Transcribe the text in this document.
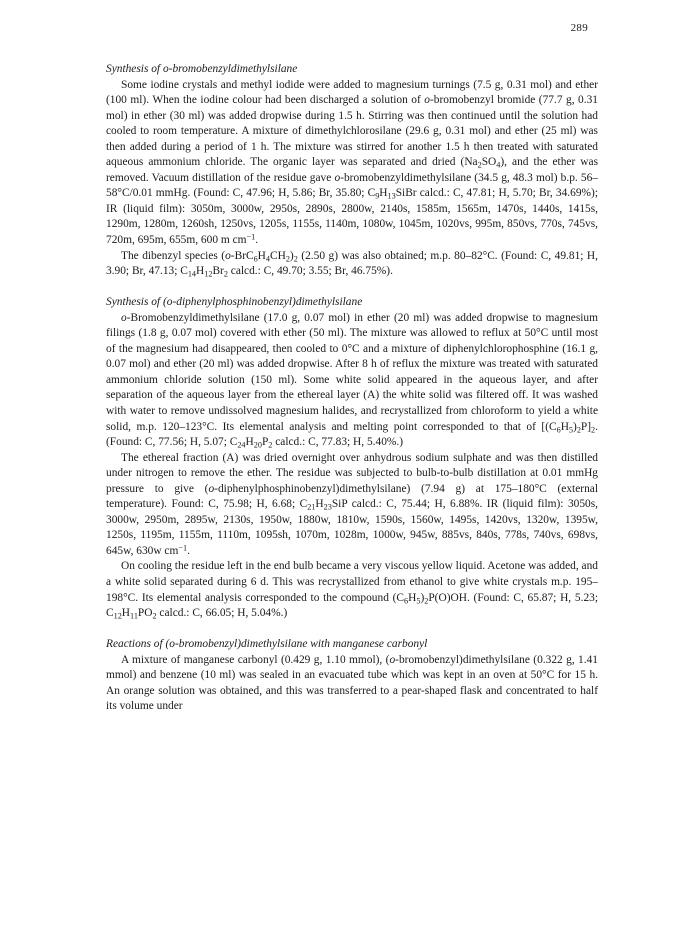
289

Synthesis of o-bromobenzyldimethylsilane

Some iodine crystals and methyl iodide were added to magnesium turnings (7.5 g, 0.31 mol) and ether (100 ml). When the iodine colour had been discharged a solution of o-bromobenzyl bromide (77.7 g, 0.31 mol) in ether (30 ml) was added dropwise during 1.5 h. Stirring was then continued until the solution had cooled to room temperature. A mixture of dimethylchlorosilane (29.6 g, 0.31 mol) and ether (25 ml) was then added during a period of 1 h. The mixture was stirred for another 1.5 h then treated with saturated aqueous ammonium chloride. The organic layer was separated and dried $(Na_2SO_4)$, and the ether was removed. Vacuum distillation of the residue gave o-bromobenzyldimethylsilane (34.5 g, 48.3 mol) b.p. 56–58°C/0.01 mmHg. (Found: C, 47.96; H, 5.86; Br, 35.80; $C_9H_{13}SiBr$ calcd.: C, 47.81; H, 5.70; Br, 34.69%); IR (liquid film): 3050m, 3000w, 2950s, 2890s, 2800w, 2140s, 1585m, 1565m, 1470s, 1440s, 1415s, 1290m, 1280m, 1260sh, 1250vs, 1205s, 1155s, 1140m, 1080w, 1045m, 1020vs, 995m, 850vs, 770s, 745vs, 720m, 695m, 655m, 600 m $cm^{-1}$.

The dibenzyl species $(o-BrC_6H_4CH_2)_2$ (2.50 g) was also obtained; m.p. 80–82°C. (Found: C, 49.81; H, 3.90; Br, 47.13; $C_{14}H_{12}Br_2$ calcd.: C, 49.70; 3.55; Br, 46.75%).

Synthesis of (o-diphenylphosphinobenzyl)dimethylsilane

o-Bromobenzyldimethylsilane (17.0 g, 0.07 mol) in ether (20 ml) was added dropwise to magnesium filings (1.8 g, 0.07 mol) covered with ether (50 ml). The mixture was allowed to reflux at 50°C until most of the magnesium had disappeared, then cooled to 0°C and a mixture of diphenylchlorophosphine (16.1 g, 0.07 mol) and ether (20 ml) was added dropwise. After 8 h of reflux the mixture was treated with saturated ammonium chloride solution (150 ml). Some white solid appeared in the aqueous layer, and after separation of the aqueous layer from the ethereal layer (A) the white solid was filtered off. It was washed with water to remove undissolved magnesium halides, and recrystallized from chloroform to yield a white solid, m.p. 120–123°C. Its elemental analysis and melting point corresponded to that of $[(C_6H_5)_2P]_2$. (Found: C, 77.56; H, 5.07; $C_{24}H_{20}P_2$ calcd.: C, 77.83; H, 5.40%.)

The ethereal fraction (A) was dried overnight over anhydrous sodium sulphate and was then distilled under nitrogen to remove the ether. The residue was subjected to bulb-to-bulb distillation at 0.01 mmHg pressure to give (o-diphenylphosphinobenzyl)dimethylsilane) (7.94 g) at 175–180°C (external temperature). Found: C, 75.98; H, 6.68; $C_{21}H_{23}SiP$ calcd.: C, 75.44; H, 6.88%. IR (liquid film): 3050s, 3000w, 2950m, 2895w, 2130s, 1950w, 1880w, 1810w, 1590s, 1560w, 1495s, 1420vs, 1320w, 1395w, 1250s, 1195m, 1155m, 1110m, 1095sh, 1070m, 1028m, 1000w, 945w, 885vs, 840s, 778s, 740vs, 698vs, 645w, 630w $cm^{-1}$.

On cooling the residue left in the end bulb became a very viscous yellow liquid. Acetone was added, and a white solid separated during 6 d. This was recrystallized from ethanol to give white crystals m.p. 195–198°C. Its elemental analysis corresponded to the compound $(C_6H_5)_2P(O)OH$. (Found: C, 65.87; H, 5.23; $C_{12}H_{11}PO_2$ calcd.: C, 66.05; H, 5.04%.)

Reactions of (o-bromobenzyl)dimethylsilane with manganese carbonyl

A mixture of manganese carbonyl (0.429 g, 1.10 mmol), (o-bromobenzyl)dimethylsilane (0.322 g, 1.41 mmol) and benzene (10 ml) was sealed in an evacuated tube which was kept in an oven at 50°C for 15 h. An orange solution was obtained, and this was transferred to a pear-shaped flask and concentrated to half its volume under
